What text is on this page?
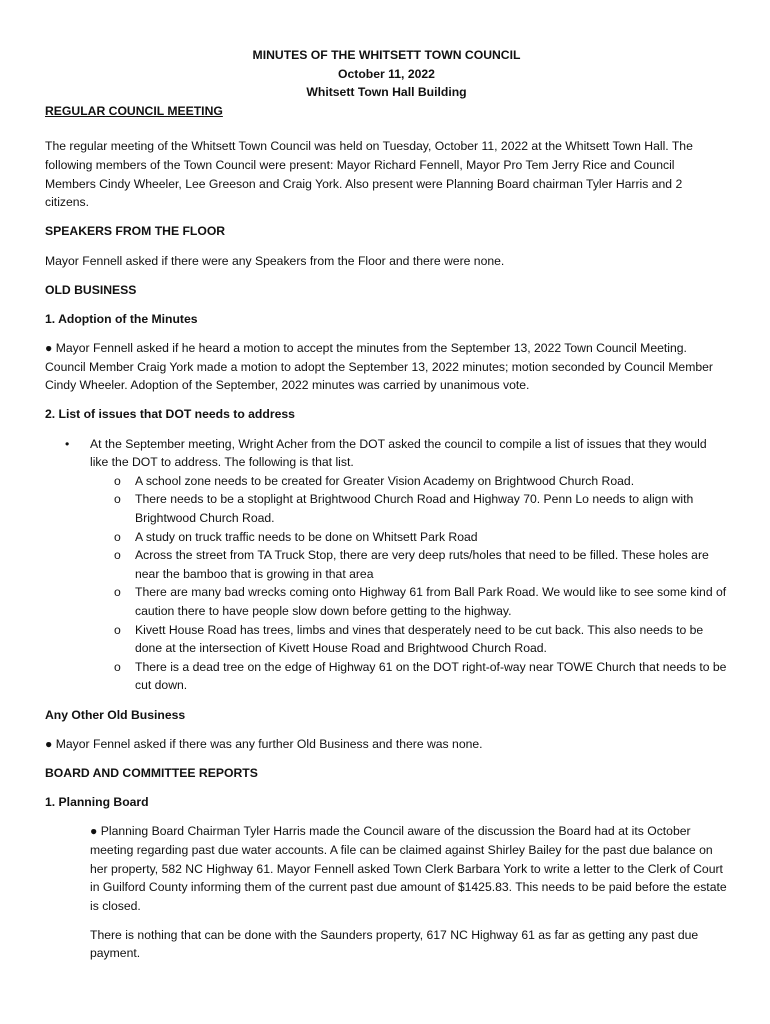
MINUTES OF THE WHITSETT TOWN COUNCIL

October 11, 2022

Whitsett Town Hall Building

REGULAR COUNCIL MEETING

The regular meeting of the Whitsett Town Council was held on Tuesday, October 11, 2022 at the Whitsett Town Hall. The following members of the Town Council were present: Mayor Richard Fennell, Mayor Pro Tem Jerry Rice and Council Members Cindy Wheeler, Lee Greeson and Craig York. Also present were Planning Board chairman Tyler Harris and 2 citizens.

SPEAKERS FROM THE FLOOR

Mayor Fennell asked if there were any Speakers from the Floor and there were none.

OLD BUSINESS

1. Adoption of the Minutes

● Mayor Fennell asked if he heard a motion to accept the minutes from the September 13, 2022 Town Council Meeting. Council Member Craig York made a motion to adopt the September 13, 2022 minutes; motion seconded by Council Member Cindy Wheeler. Adoption of the September, 2022 minutes was carried by unanimous vote.

2. List of issues that DOT needs to address

• At the September meeting, Wright Acher from the DOT asked the council to compile a list of issues that they would like the DOT to address. The following is that list.
o A school zone needs to be created for Greater Vision Academy on Brightwood Church Road.
o There needs to be a stoplight at Brightwood Church Road and Highway 70. Penn Lo needs to align with Brightwood Church Road.
o A study on truck traffic needs to be done on Whitsett Park Road
o Across the street from TA Truck Stop, there are very deep ruts/holes that need to be filled. These holes are near the bamboo that is growing in that area
o There are many bad wrecks coming onto Highway 61 from Ball Park Road. We would like to see some kind of caution there to have people slow down before getting to the highway.
o Kivett House Road has trees, limbs and vines that desperately need to be cut back. This also needs to be done at the intersection of Kivett House Road and Brightwood Church Road.
o There is a dead tree on the edge of Highway 61 on the DOT right-of-way near TOWE Church that needs to be cut down.

Any Other Old Business

● Mayor Fennel asked if there was any further Old Business and there was none.

BOARD AND COMMITTEE REPORTS

1. Planning Board

● Planning Board Chairman Tyler Harris made the Council aware of the discussion the Board had at its October meeting regarding past due water accounts. A file can be claimed against Shirley Bailey for the past due balance on her property, 582 NC Highway 61. Mayor Fennell asked Town Clerk Barbara York to write a letter to the Clerk of Court in Guilford County informing them of the current past due amount of $1425.83. This needs to be paid before the estate is closed.

There is nothing that can be done with the Saunders property, 617 NC Highway 61 as far as getting any past due payment.
